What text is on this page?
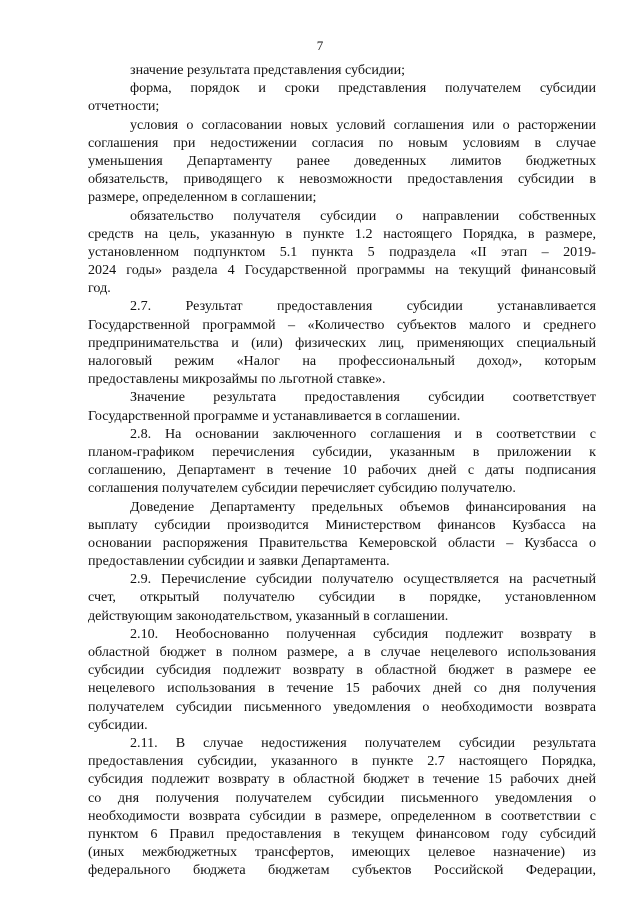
7
значение результата представления субсидии;
форма, порядок и сроки представления получателем субсидии
отчетности;
условия о согласовании новых условий соглашения или о расторжении
соглашения при недостижении согласия по новым условиям в случае
уменьшения Департаменту ранее доведенных лимитов бюджетных
обязательств, приводящего к невозможности предоставления субсидии в
размере, определенном в соглашении;
обязательство получателя субсидии о направлении собственных
средств на цель, указанную в пункте 1.2 настоящего Порядка, в размере,
установленном подпунктом 5.1 пункта 5 подраздела «II этап – 2019-
2024 годы» раздела 4 Государственной программы на текущий финансовый
год.
2.7. Результат предоставления субсидии устанавливается
Государственной программой – «Количество субъектов малого и среднего
предпринимательства и (или) физических лиц, применяющих специальный
налоговый режим «Налог на профессиональный доход», которым
предоставлены микрозаймы по льготной ставке».
Значение результата предоставления субсидии соответствует
Государственной программе и устанавливается в соглашении.
2.8. На основании заключенного соглашения и в соответствии с
планом-графиком перечисления субсидии, указанным в приложении к
соглашению, Департамент в течение 10 рабочих дней с даты подписания
соглашения получателем субсидии перечисляет субсидию получателю.
Доведение Департаменту предельных объемов финансирования на
выплату субсидии производится Министерством финансов Кузбасса на
основании распоряжения Правительства Кемеровской области – Кузбасса о
предоставлении субсидии и заявки Департамента.
2.9. Перечисление субсидии получателю осуществляется на расчетный
счет, открытый получателю субсидии в порядке, установленном
действующим законодательством, указанный в соглашении.
2.10. Необоснованно полученная субсидия подлежит возврату в
областной бюджет в полном размере, а в случае нецелевого использования
субсидии субсидия подлежит возврату в областной бюджет в размере ее
нецелевого использования в течение 15 рабочих дней со дня получения
получателем субсидии письменного уведомления о необходимости возврата
субсидии.
2.11. В случае недостижения получателем субсидии результата
предоставления субсидии, указанного в пункте 2.7 настоящего Порядка,
субсидия подлежит возврату в областной бюджет в течение 15 рабочих дней
со дня получения получателем субсидии письменного уведомления о
необходимости возврата субсидии в размере, определенном в соответствии с
пунктом 6 Правил предоставления в текущем финансовом году субсидий
(иных межбюджетных трансфертов, имеющих целевое назначение) из
федерального бюджета бюджетам субъектов Российской Федерации,
